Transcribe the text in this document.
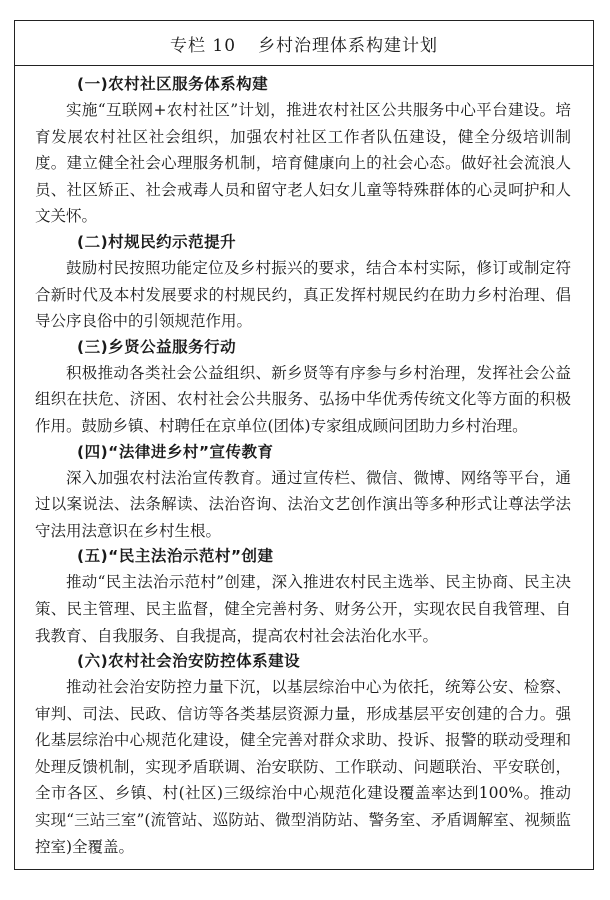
专栏 10 乡村治理体系构建计划
(一)农村社区服务体系构建

实施“互联网+农村社区”计划，推进农村社区公共服务中心平台建设。培育发展农村社区社会组织，加强农村社区工作者队伍建设，健全分级培训制度。建立健全社会心理服务机制，培育健康向上的社会心态。做好社会流浪人员、社区矫正、社会戒毒人员和留守老人妇女儿童等特殊群体的心灵呵护和人文关怀。

(二)村规民约示范提升

鼓励村民按照功能定位及乡村振兴的要求，结合本村实际，修订或制定符合新时代及本村发展要求的村规民约，真正发挥村规民约在助力乡村治理、倡导公序良俗中的引领规范作用。

(三)乡贤公益服务行动

积极推动各类社会公益组织、新乡贤等有序参与乡村治理，发挥社会公益组织在扶危、济困、农村社会公共服务、弘扬中华优秀传统文化等方面的积极作用。鼓励乡镇、村聘任在京单位(团体)专家组成顾问团助力乡村治理。

(四)“法律进乡村”宣传教育

深入加强农村法治宣传教育。通过宣传栏、微信、微博、网络等平台，通过以案说法、法条解读、法治咨询、法治文艺创作演出等多种形式让尊法学法守法用法意识在乡村生根。

(五)“民主法治示范村”创建

推动“民主法治示范村”创建，深入推进农村民主选举、民主协商、民主决策、民主管理、民主监督，健全完善村务、财务公开，实现农民自我管理、自我教育、自我服务、自我提高，提高农村社会法治化水平。

(六)农村社会治安防控体系建设

推动社会治安防控力量下沉，以基层综治中心为依托，统筹公安、检察、审判、司法、民政、信访等各类基层资源力量，形成基层平安创建的合力。强化基层综治中心规范化建设，健全完善对群众求助、投诉、报警的联动受理和处理反馈机制，实现矛盾联调、治安联防、工作联动、问题联治、平安联创，全市各区、乡镇、村(社区)三级综治中心规范化建设覆盖率达到100%。推动实现“三站三室”(流管站、巡防站、微型消防站、警务室、矛盾调解室、视频监控室)全覆盖。
